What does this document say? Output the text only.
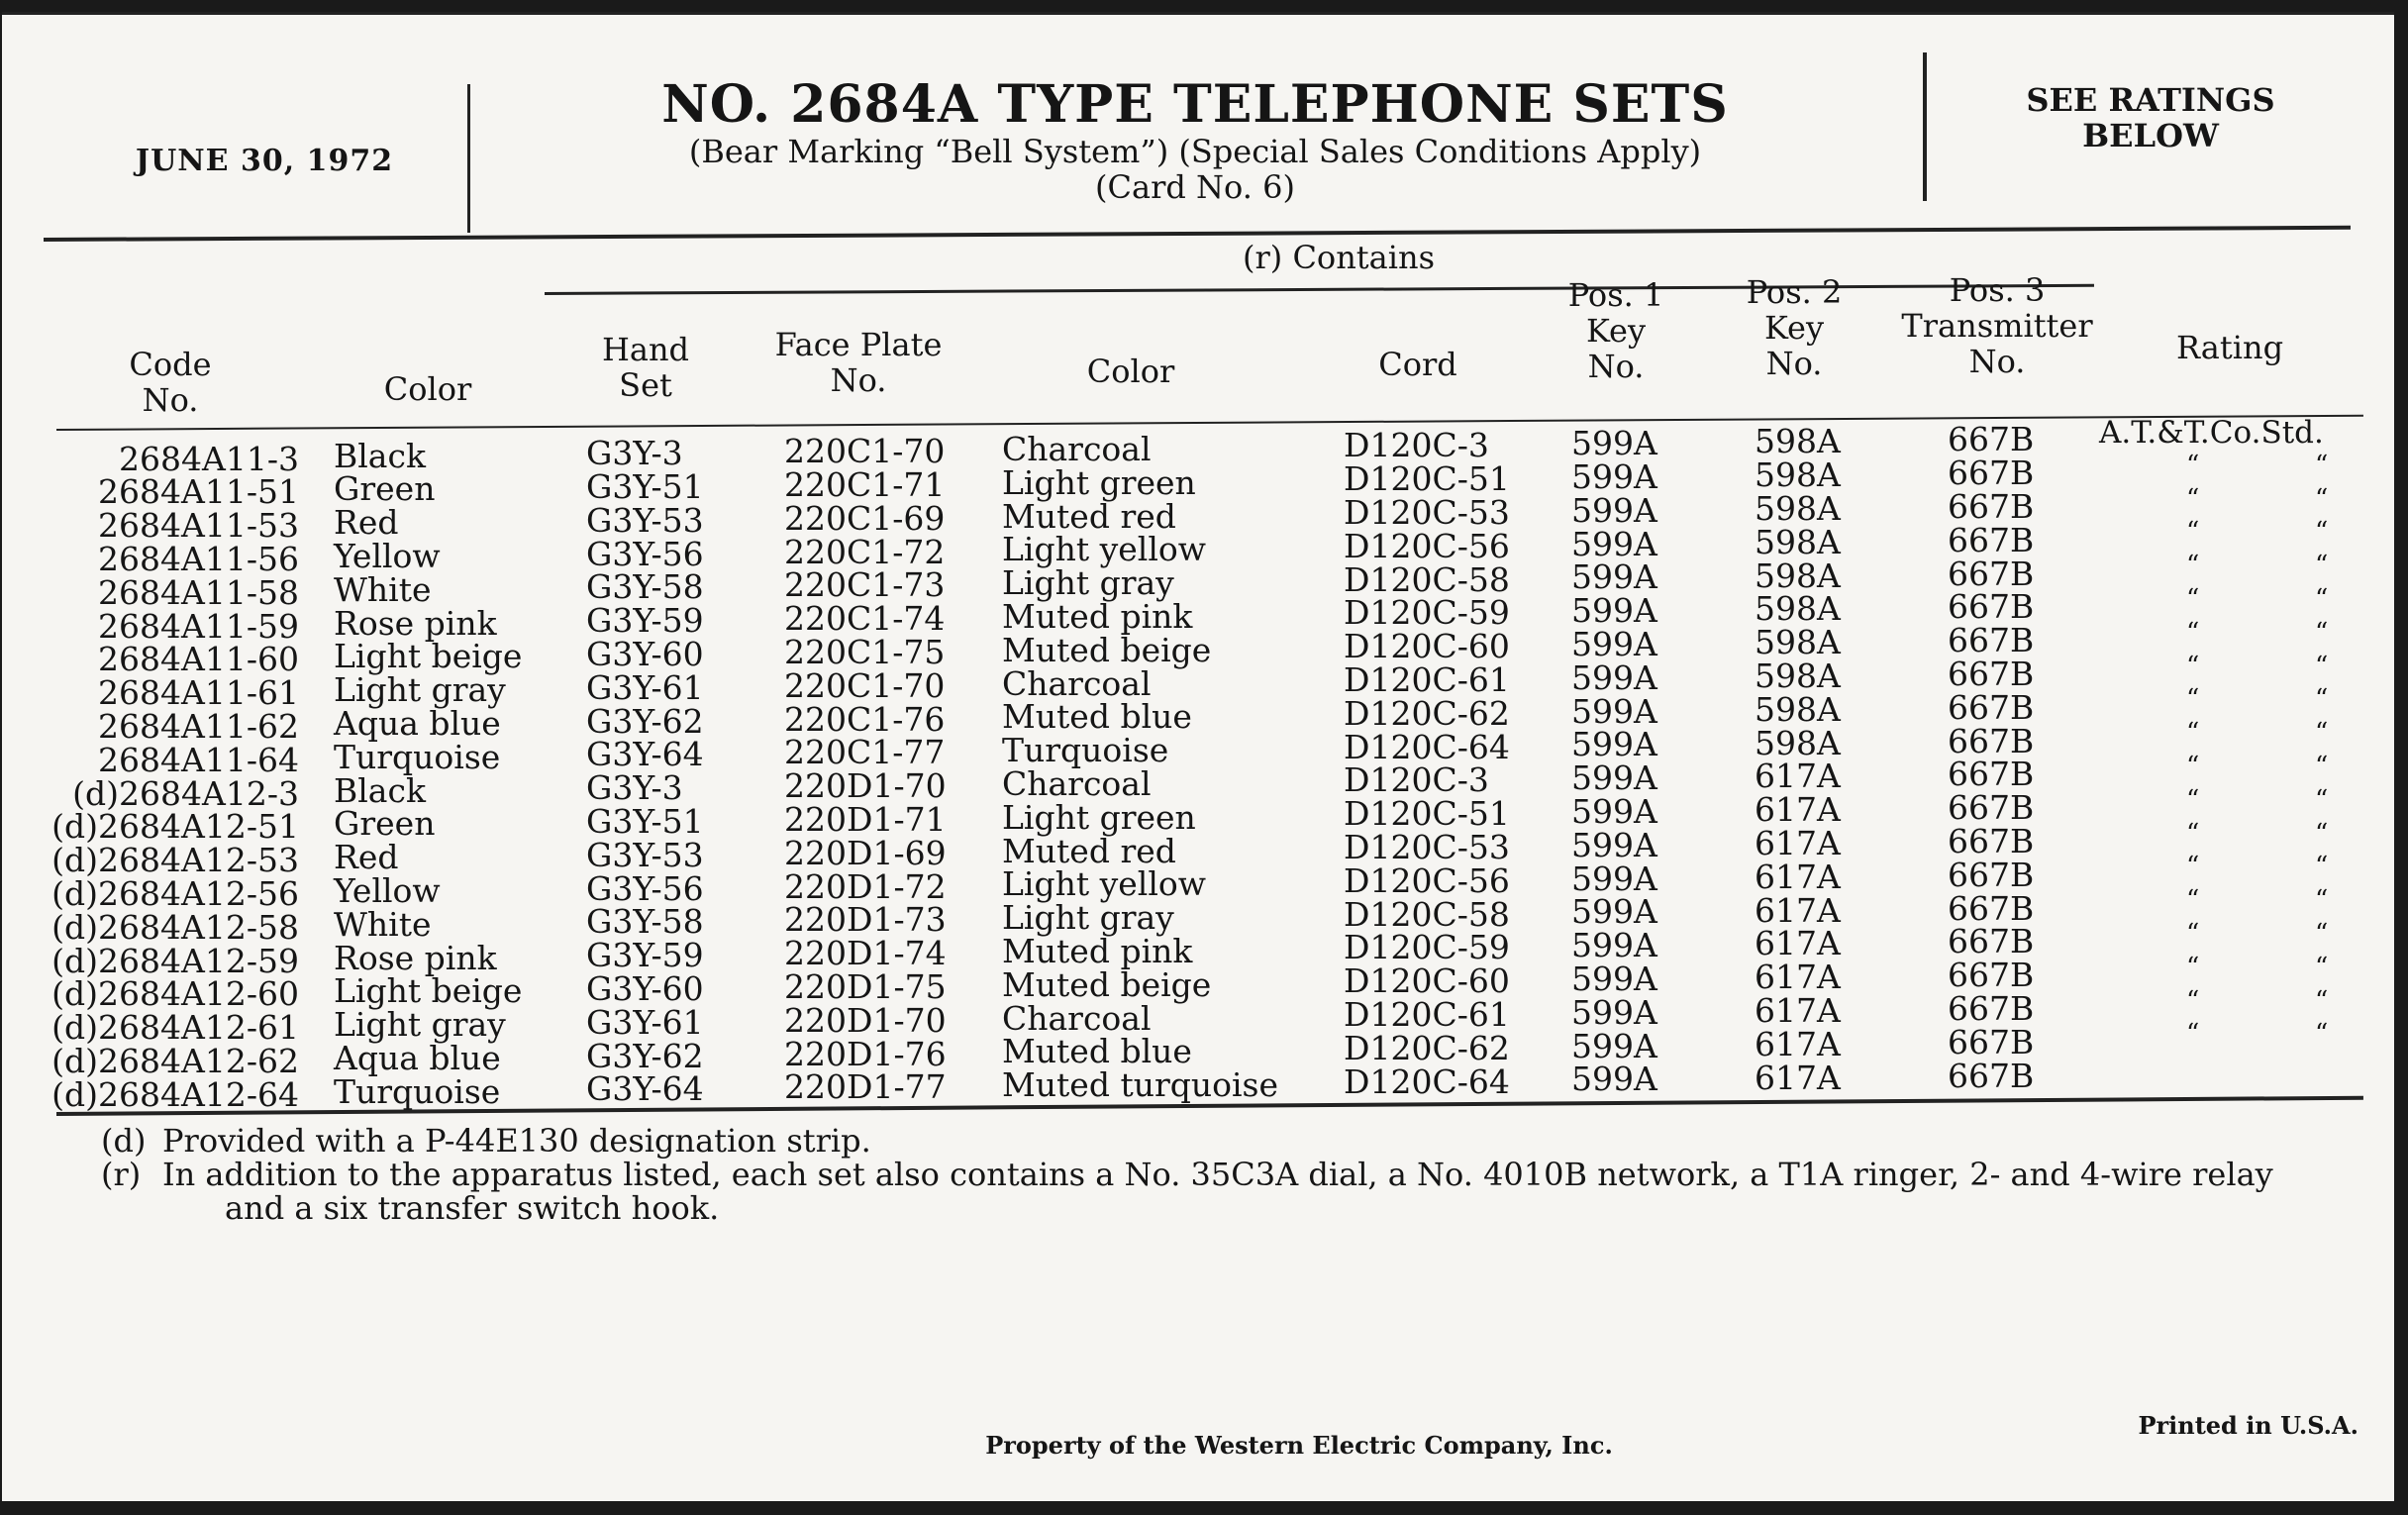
JUNE 30, 1972
NO. 2684A TYPE TELEPHONE SETS
(Bear Marking “Bell System”) (Special Sales Conditions Apply)
(Card No. 6)
SEE RATINGS
BELOW
(r) Contains
Code
No.	Color
Hand
Set
Face Plate
No.	Color	Cord
Pos. 1
Key
No.
Pos. 2
Key
No.
Pos. 3
Transmitter
No.	Rating
2684A11-3 Black	G3Y-3	220C1-70	Charcoal	D120C-3	599A	598A	667B	A.T.&T.Co.Std.
2684A11-51 Green	G3Y-51	220C1-71	Light green	D120C-51	599A	598A	667B	“	“
2684A11-53 Red	G3Y-53	220C1-69	Muted red	D120C-53	599A	598A	667B	“	“
2684A11-56 Yellow	G3Y-56	220C1-72	Light yellow	D120C-56	599A	598A	667B	“	“
2684A11-58 White	G3Y-58	220C1-73	Light gray	D120C-58	599A	598A	667B	“	“
2684A11-59 Rose pink	G3Y-59	220C1-74	Muted pink	D120C-59	599A	598A	667B	“	“
2684A11-60 Light beige	G3Y-60	220C1-75	Muted beige	D120C-60	599A	598A	667B	“	“
2684A11-61 Light gray	G3Y-61	220C1-70	Charcoal	D120C-61	599A	598A	667B	“	“
2684A11-62 Aqua blue	G3Y-62	220C1-76	Muted blue	D120C-62	599A	598A	667B	“	“
2684A11-64 Turquoise	G3Y-64	220C1-77	Turquoise	D120C-64	599A	598A	667B	“	“
(d)2684A12-3 Black	G3Y-3	220D1-70	Charcoal	D120C-3	599A	617A	667B	“	“
(d)2684A12-51 Green	G3Y-51	220D1-71	Light green	D120C-51	599A	617A	667B	“	“
(d)2684A12-53 Red	G3Y-53	220D1-69	Muted red	D120C-53	599A	617A	667B	“	“
(d)2684A12-56 Yellow	G3Y-56	220D1-72	Light yellow	D120C-56	599A	617A	667B	“	“
(d)2684A12-58 White	G3Y-58	220D1-73	Light gray	D120C-58	599A	617A	667B	“	“
(d)2684A12-59 Rose pink	G3Y-59	220D1-74	Muted pink	D120C-59	599A	617A	667B	“	“
(d)2684A12-60 Light beige	G3Y-60	220D1-75	Muted beige	D120C-60	599A	617A	667B	“	“
(d)2684A12-61 Light gray	G3Y-61	220D1-70	Charcoal	D120C-61	599A	617A	667B	“	“
(d)2684A12-62 Aqua blue	G3Y-62	220D1-76	Muted blue	D120C-62	599A	617A	667B	“	“
(d)2684A12-64 Turquoise	G3Y-64	220D1-77	Muted turquoise	D120C-64	599A	617A	667B
(d) Provided with a P-44E130 designation strip.
(r) In addition to the apparatus listed, each set also contains a No. 35C3A dial, a No. 4010B network, a T1A ringer, 2- and 4-wire relay
and a six transfer switch hook.
Property of the Western Electric Company, Inc.
Printed in U.S.A.
